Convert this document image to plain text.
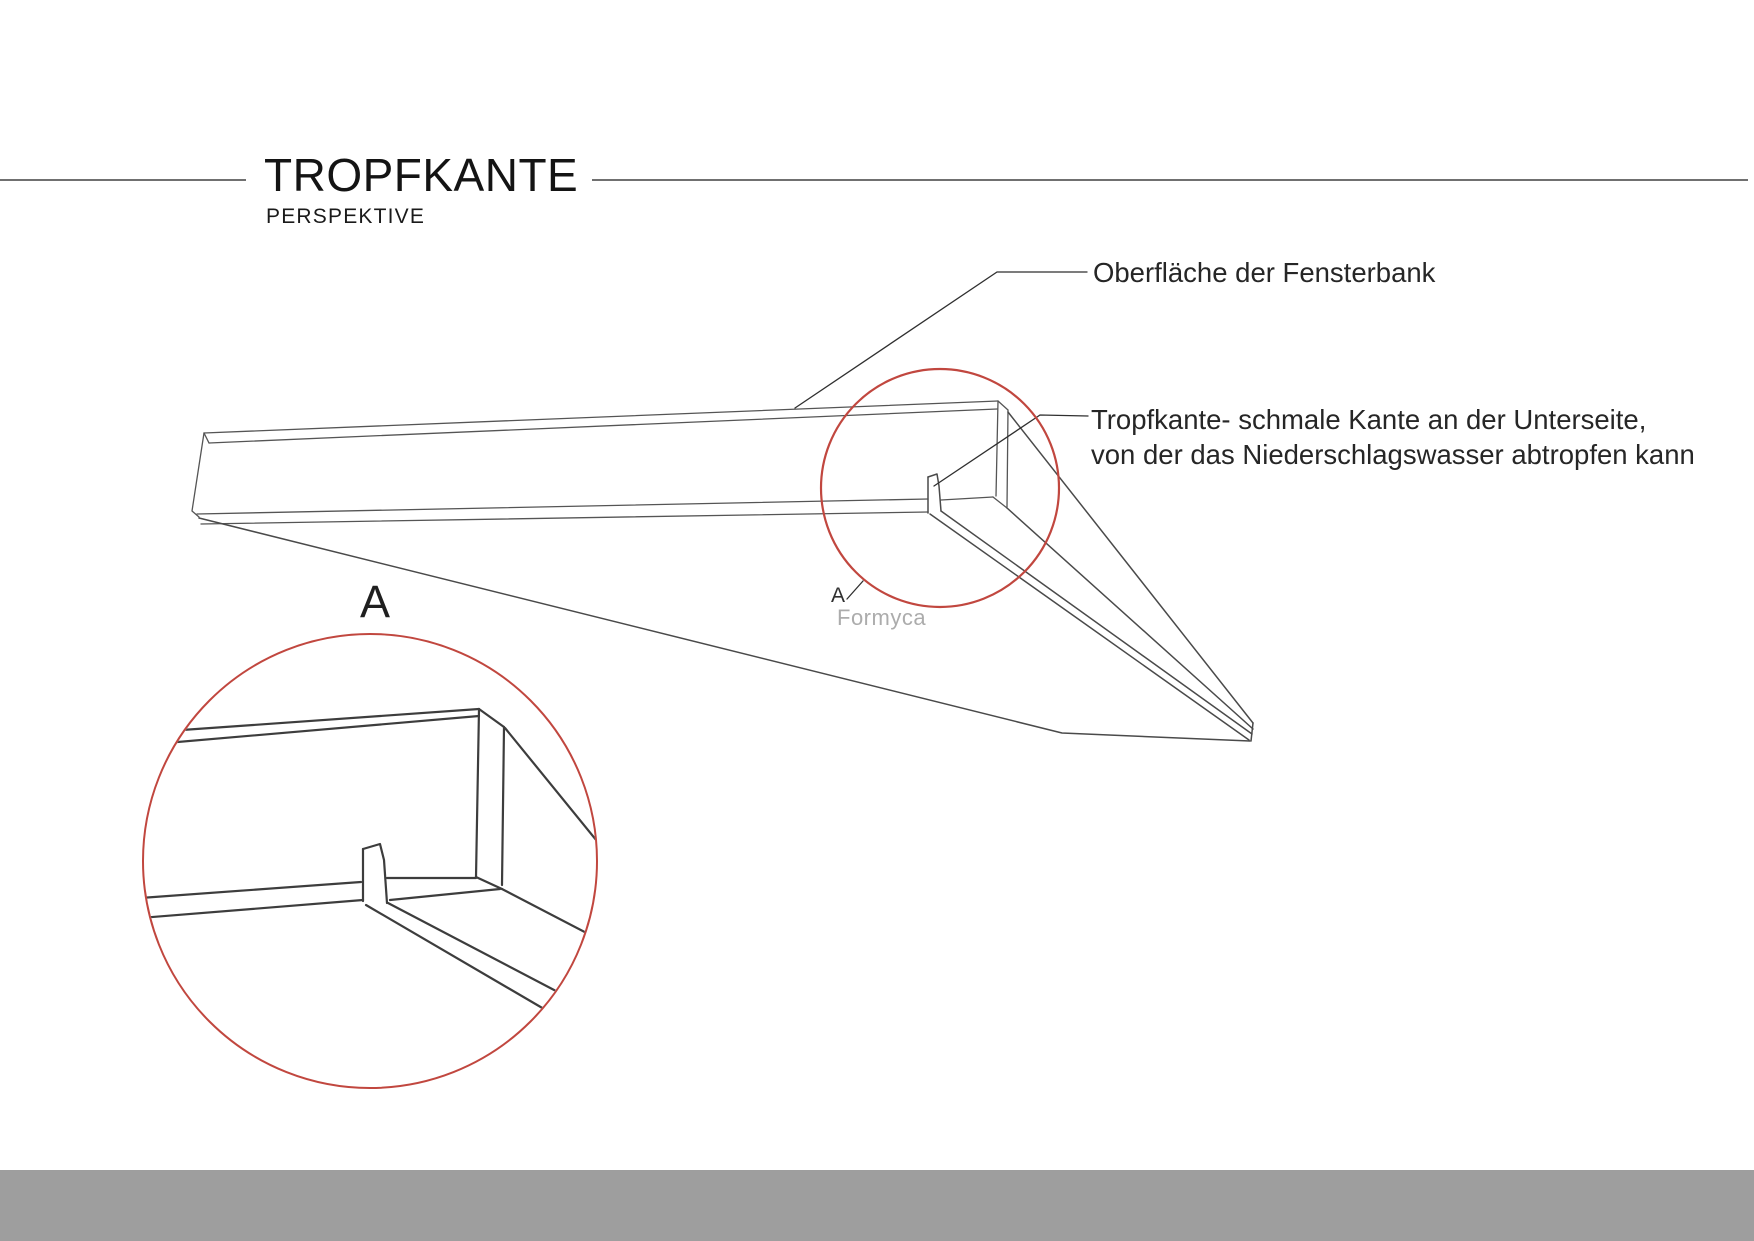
TROPFKANTE
PERSPEKTIVE
Oberfläche der Fensterbank
Tropfkante- schmale Kante an der Unterseite,
von der das Niederschlagswasser abtropfen kann
A
Formyca
A
